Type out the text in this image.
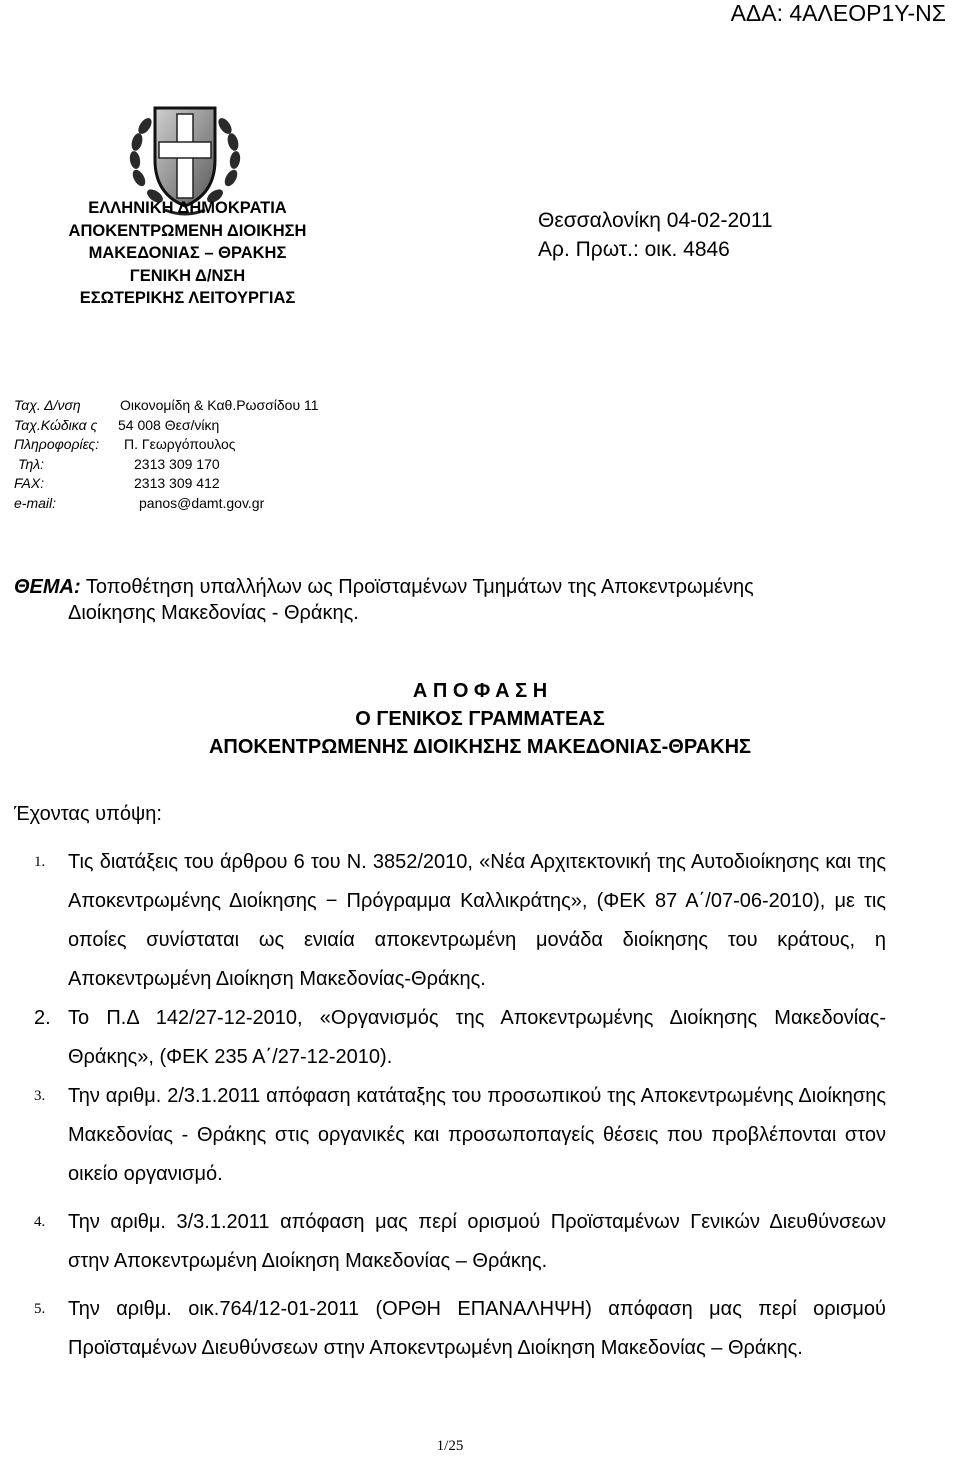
ΑΔΑ: 4ΑΛΕΟΡ1Υ-ΝΣ
ΕΛΛΗΝΙΚΗ ΔΗΜΟΚΡΑΤΙΑ
ΑΠΟΚΕΝΤΡΩΜΕΝΗ ΔΙΟΙΚΗΣΗ
ΜΑΚΕΔΟΝΙΑΣ – ΘΡΑΚΗΣ
ΓΕΝΙΚΗ Δ/ΝΣΗ
ΕΣΩΤΕΡΙΚΗΣ ΛΕΙΤΟΥΡΓΙΑΣ
Θεσσαλονίκη 04-02-2011
Αρ. Πρωτ.: οικ. 4846
Ταχ. Δ/νση	Οικονομίδη & Καθ.Ρωσσίδου 11
Ταχ.Κώδικα ς	54 008 Θεσ/νίκη
Πληροφορίες:	Π. Γεωργόπουλος
Τηλ:	2313 309 170
FAX:	2313 309 412
e-mail:	panos@damt.gov.gr
ΘΕΜΑ: Τοποθέτηση υπαλλήλων ως Προϊσταμένων Τμημάτων της Αποκεντρωμένης
Διοίκησης Μακεδονίας - Θράκης.
Α Π Ο Φ Α Σ Η
Ο ΓΕΝΙΚΟΣ ΓΡΑΜΜΑΤΕΑΣ
ΑΠΟΚΕΝΤΡΩΜΕΝΗΣ ΔΙΟΙΚΗΣΗΣ ΜΑΚΕΔΟΝΙΑΣ-ΘΡΑΚΗΣ
Έχοντας υπόψη:
1. Τις διατάξεις του άρθρου 6 του Ν. 3852/2010, «Νέα Αρχιτεκτονική της Αυτοδιοίκησης και της Αποκεντρωμένης Διοίκησης − Πρόγραμμα Καλλικράτης», (ΦΕΚ 87 Α΄/07-06-2010), με τις οποίες συνίσταται ως ενιαία αποκεντρωμένη μονάδα διοίκησης του κράτους, η Αποκεντρωμένη Διοίκηση Μακεδονίας-Θράκης.
2. Το Π.Δ 142/27-12-2010, «Οργανισμός της Αποκεντρωμένης Διοίκησης Μακεδονίας- Θράκης», (ΦΕΚ 235 Α΄/27-12-2010).
3. Την αριθμ. 2/3.1.2011 απόφαση κατάταξης του προσωπικού της Αποκεντρωμένης Διοίκησης Μακεδονίας - Θράκης στις οργανικές και προσωποπαγείς θέσεις που προβλέπονται στον οικείο οργανισμό.
4. Την αριθμ. 3/3.1.2011 απόφαση μας περί ορισμού Προϊσταμένων Γενικών Διευθύνσεων στην Αποκεντρωμένη Διοίκηση Μακεδονίας – Θράκης.
5. Την αριθμ. οικ.764/12-01-2011 (ΟΡΘΗ ΕΠΑΝΑΛΗΨΗ) απόφαση μας περί ορισμού Προϊσταμένων Διευθύνσεων στην Αποκεντρωμένη Διοίκηση Μακεδονίας – Θράκης.
1/25
